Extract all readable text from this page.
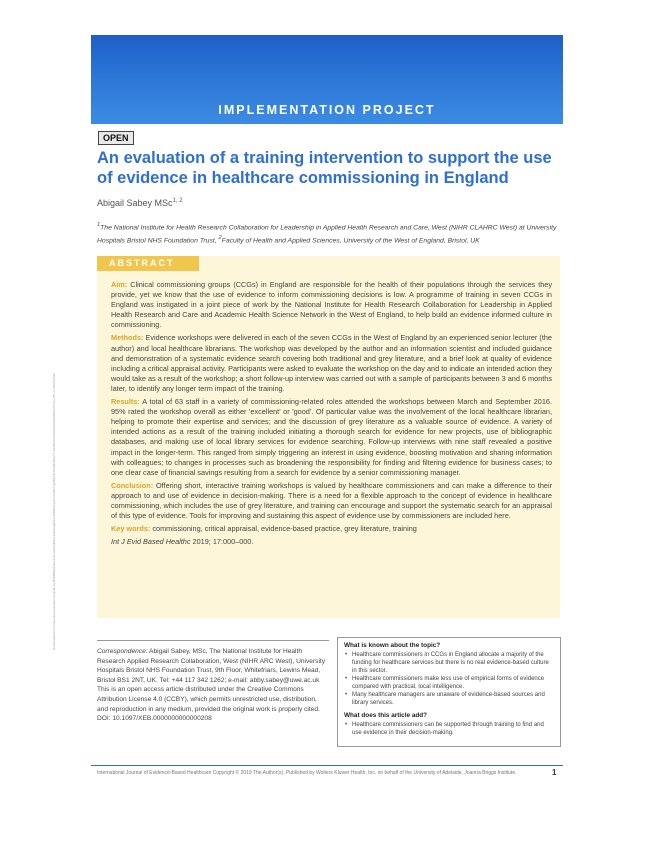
IMPLEMENTATION PROJECT
OPEN
An evaluation of a training intervention to support the use of evidence in healthcare commissioning in England
Abigail Sabey MSc$^{1, 2}$
$^1$The National Institute for Health Research Collaboration for Leadership in Applied Health Research and Care, West (NIHR CLAHRC West) at University Hospitals Bristol NHS Foundation Trust, $^2$Faculty of Health and Applied Sciences, University of the West of England, Bristol, UK
Downloaded from https://journals.lww.com/ijebh by BhDMf5ePHKav1zEoum1tQfN4a+kJLhEZgbsIHo4XMi0hCywCX1AWnYQp/IlQrHD3i3D0OdRyi7TvSFl4Cf3VC4/OAVpDDa8KKGKV0Ymy+78= on 04/27/2019
ABSTRACT

Aim: Clinical commissioning groups (CCGs) in England are responsible for the health of their populations through the services they provide, yet we know that the use of evidence to inform commissioning decisions is low. A programme of training in seven CCGs in England was instigated in a joint piece of work by the National Institute for Health Research Collaboration for Leadership in Applied Health Research and Care and Academic Health Science Network in the West of England, to help build an evidence informed culture in commissioning.

Methods: Evidence workshops were delivered in each of the seven CCGs in the West of England by an experienced senior lecturer (the author) and local healthcare librarians. The workshop was developed by the author and an information scientist and included guidance and demonstration of a systematic evidence search covering both traditional and grey literature, and a brief look at quality of evidence including a critical appraisal activity. Participants were asked to evaluate the workshop on the day and to indicate an intended action they would take as a result of the workshop; a short follow-up interview was carried out with a sample of participants between 3 and 6 months later, to identify any longer term impact of the training.

Results: A total of 63 staff in a variety of commissioning-related roles attended the workshops between March and September 2016. 95% rated the workshop overall as either 'excellent' or 'good'. Of particular value was the involvement of the local healthcare librarian, helping to promote their expertise and services; and the discussion of grey literature as a valuable source of evidence. A variety of intended actions as a result of the training included initiating a thorough search for evidence for new projects, use of bibliographic databases, and making use of local library services for evidence searching. Follow-up interviews with nine staff revealed a positive impact in the longer-term. This ranged from simply triggering an interest in using evidence, boosting motivation and sharing information with colleagues; to changes in processes such as broadening the responsibility for finding and filtering evidence for business cases; to one clear case of financial savings resulting from a search for evidence by a senior commissioning manager.

Conclusion: Offering short, interactive training workshops is valued by healthcare commissioners and can make a difference to their approach to and use of evidence in decision-making. There is a need for a flexible approach to the concept of evidence in healthcare commissioning, which includes the use of grey literature, and training can encourage and support the systematic search for an appraisal of this type of evidence. Tools for improving and sustaining this aspect of evidence use by commissioners are included here.

Key words: commissioning, critical appraisal, evidence-based practice, grey literature, training

Int J Evid Based Healthc 2019; 17:000–000.

Correspondence: Abigail Sabey, MSc, The National Institute for Health Research Applied Research Collaboration, West (NIHR ARC West), University Hospitals Bristol NHS Foundation Trust, 9th Floor, Whitefriars, Lewins Mead, Bristol BS1 2NT, UK. Tel: +44 117 342 1262; e-mail: abby.sabey@uwe.ac.uk

This is an open access article distributed under the Creative Commons Attribution License 4.0 (CCBY), which permits unrestricted use, distribution, and reproduction in any medium, provided the original work is properly cited.

DOI: 10.1097/XEB.0000000000000208

What is known about the topic?
• Healthcare commissioners in CCGs in England allocate a majority of the funding for healthcare services but there is no real evidence-based culture in this sector.
• Healthcare commissioners make less use of empirical forms of evidence compared with practical, local intelligence.
• Many healthcare managers are unaware of evidence-based sources and library services.
What does this article add?
• Healthcare commissioners can be supported through training to find and use evidence in their decision-making.
International Journal of Evidence-Based Healthcare Copyright © 2019 The Author(s). Published by Wolters Kluwer Health, Inc. on behalf of the University of Adelaide, Joanna Briggs Institute.	1
